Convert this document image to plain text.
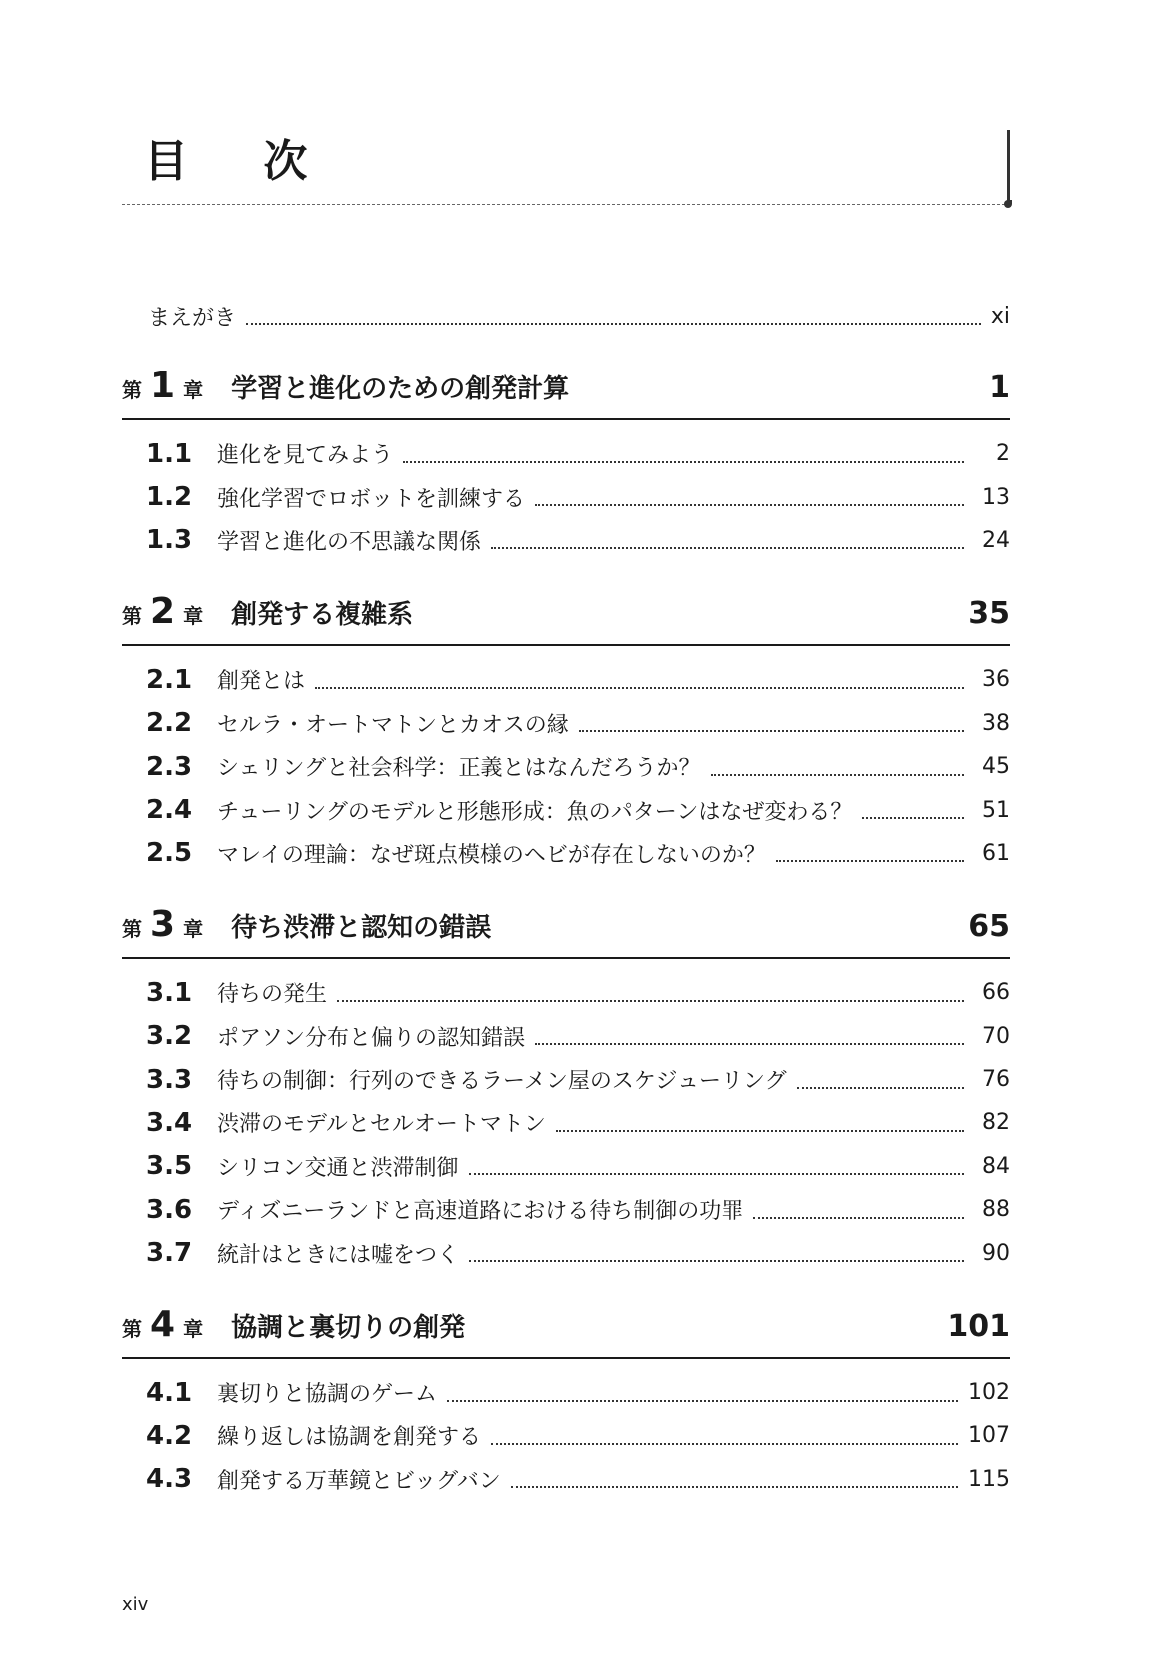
目 次
まえがき	xi
第 1 章 学習と進化のための創発計算	1
1.1	進化を見てみよう	2
1.2	強化学習でロボットを訓練する	13
1.3	学習と進化の不思議な関係	24
第 2 章 創発する複雑系	35
2.1	創発とは	36
2.2	セルラ・オートマトンとカオスの縁	38
2.3	シェリングと社会科学：正義とはなんだろうか？	45
2.4	チューリングのモデルと形態形成：魚のパターンはなぜ変わる？	51
2.5	マレイの理論：なぜ斑点模様のヘビが存在しないのか？	61
第 3 章 待ち渋滞と認知の錯誤	65
3.1	待ちの発生	66
3.2	ポアソン分布と偏りの認知錯誤	70
3.3	待ちの制御：行列のできるラーメン屋のスケジューリング	76
3.4	渋滞のモデルとセルオートマトン	82
3.5	シリコン交通と渋滞制御	84
3.6	ディズニーランドと高速道路における待ち制御の功罪	88
3.7	統計はときには嘘をつく	90
第 4 章 協調と裏切りの創発	101
4.1	裏切りと協調のゲーム	102
4.2	繰り返しは協調を創発する	107
4.3	創発する万華鏡とビッグバン	115
xiv
